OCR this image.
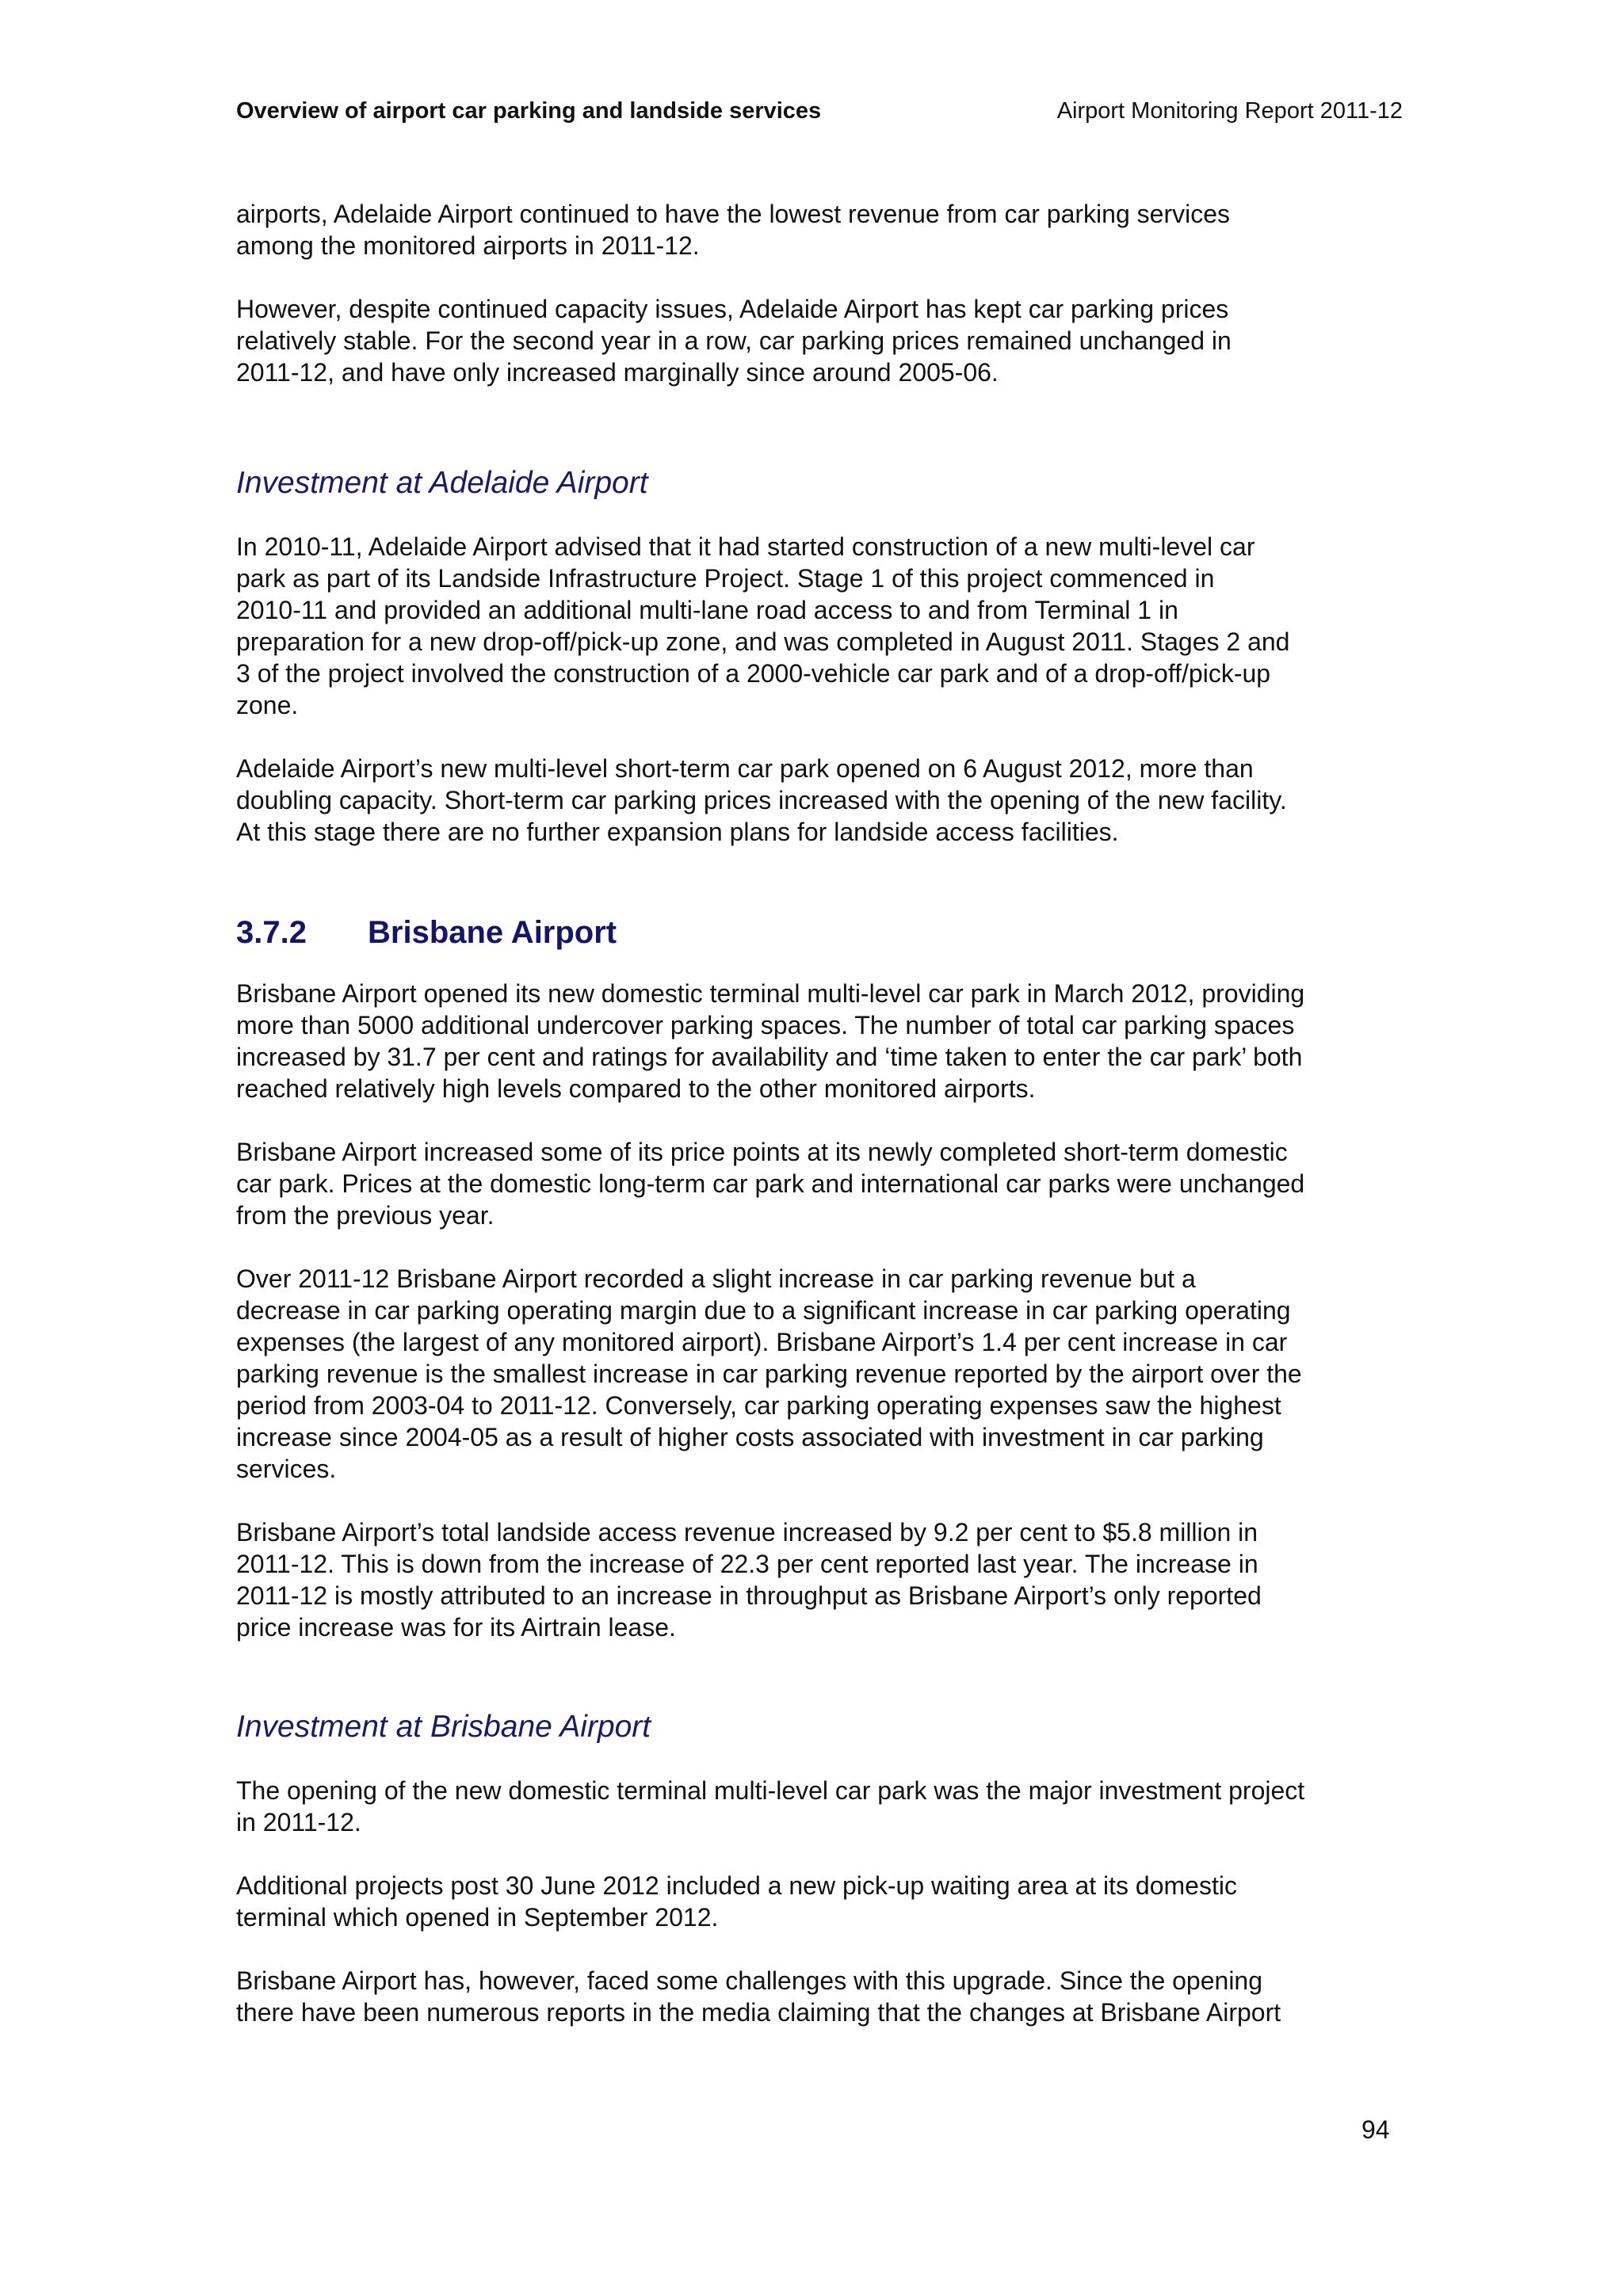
Overview of airport car parking and landside services	Airport Monitoring Report 2011-12

airports, Adelaide Airport continued to have the lowest revenue from car parking services
among the monitored airports in 2011-12.

However, despite continued capacity issues, Adelaide Airport has kept car parking prices
relatively stable. For the second year in a row, car parking prices remained unchanged in
2011-12, and have only increased marginally since around 2005-06.

Investment at Adelaide Airport

In 2010-11, Adelaide Airport advised that it had started construction of a new multi-level car
park as part of its Landside Infrastructure Project. Stage 1 of this project commenced in
2010-11 and provided an additional multi-lane road access to and from Terminal 1 in
preparation for a new drop-off/pick-up zone, and was completed in August 2011. Stages 2 and
3 of the project involved the construction of a 2000-vehicle car park and of a drop-off/pick-up
zone.

Adelaide Airport’s new multi-level short-term car park opened on 6 August 2012, more than
doubling capacity. Short-term car parking prices increased with the opening of the new facility.
At this stage there are no further expansion plans for landside access facilities.

3.7.2	Brisbane Airport

Brisbane Airport opened its new domestic terminal multi-level car park in March 2012, providing
more than 5000 additional undercover parking spaces. The number of total car parking spaces
increased by 31.7 per cent and ratings for availability and ‘time taken to enter the car park’ both
reached relatively high levels compared to the other monitored airports.

Brisbane Airport increased some of its price points at its newly completed short-term domestic
car park. Prices at the domestic long-term car park and international car parks were unchanged
from the previous year.

Over 2011-12 Brisbane Airport recorded a slight increase in car parking revenue but a
decrease in car parking operating margin due to a significant increase in car parking operating
expenses (the largest of any monitored airport). Brisbane Airport’s 1.4 per cent increase in car
parking revenue is the smallest increase in car parking revenue reported by the airport over the
period from 2003-04 to 2011-12. Conversely, car parking operating expenses saw the highest
increase since 2004-05 as a result of higher costs associated with investment in car parking
services.

Brisbane Airport’s total landside access revenue increased by 9.2 per cent to $5.8 million in
2011-12. This is down from the increase of 22.3 per cent reported last year. The increase in
2011-12 is mostly attributed to an increase in throughput as Brisbane Airport’s only reported
price increase was for its Airtrain lease.

Investment at Brisbane Airport

The opening of the new domestic terminal multi-level car park was the major investment project
in 2011-12.

Additional projects post 30 June 2012 included a new pick-up waiting area at its domestic
terminal which opened in September 2012.

Brisbane Airport has, however, faced some challenges with this upgrade. Since the opening
there have been numerous reports in the media claiming that the changes at Brisbane Airport

94
